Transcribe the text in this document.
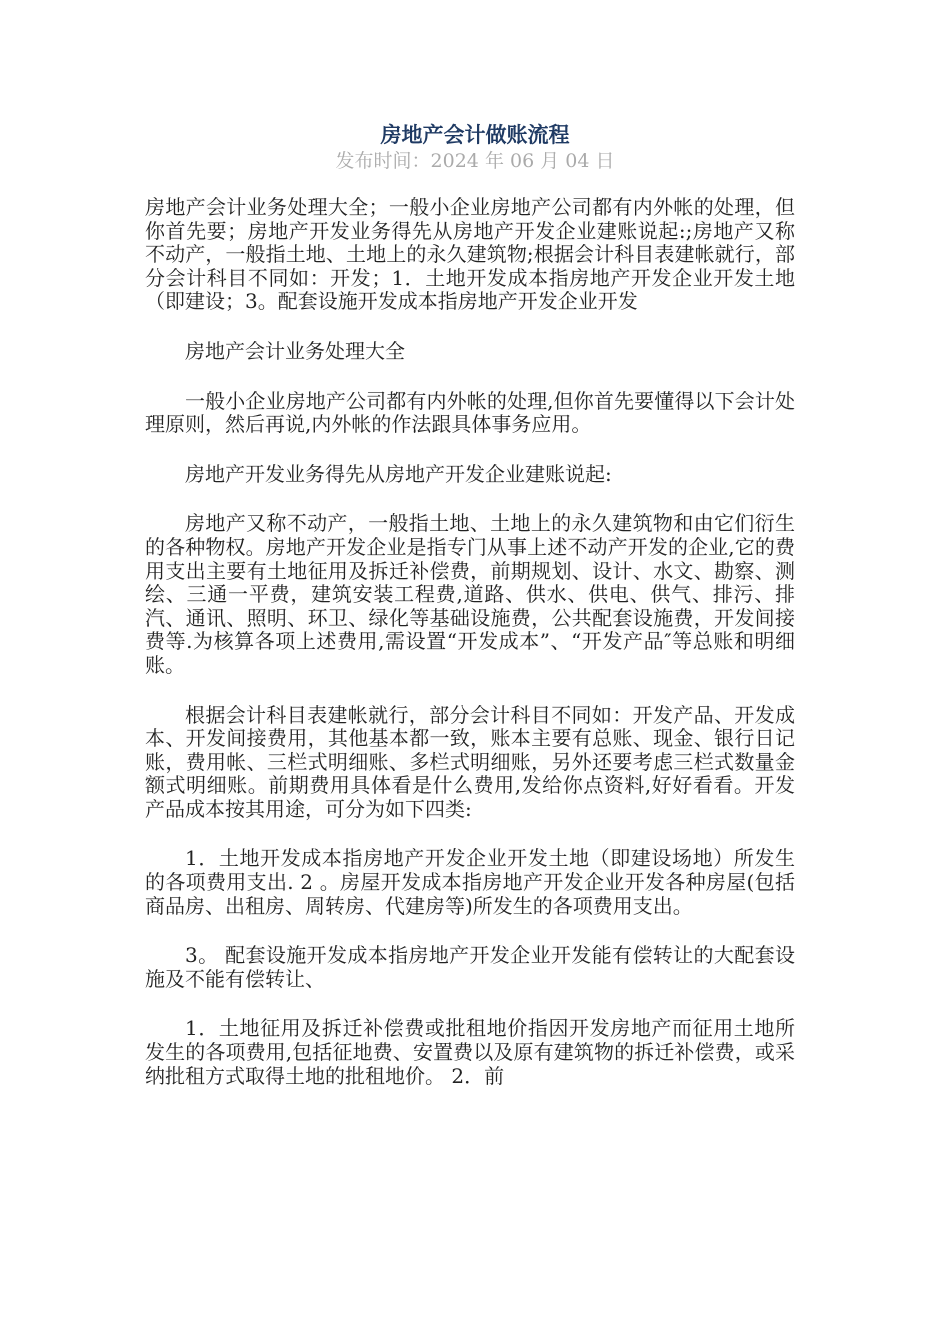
房地产会计做账流程
发布时间：2024 年 06 月 04 日

房地产会计业务处理大全；一般小企业房地产公司都有内外帐的处理，但你首先要；房地产开发业务得先从房地产开发企业建账说起:;房地产又称不动产，一般指土地、土地上的永久建筑物;根据会计科目表建帐就行，部分会计科目不同如：开发；1．土地开发成本指房地产开发企业开发土地（即建设；3。配套设施开发成本指房地产开发企业开发

房地产会计业务处理大全

一般小企业房地产公司都有内外帐的处理,但你首先要懂得以下会计处理原则，然后再说,内外帐的作法跟具体事务应用。

房地产开发业务得先从房地产开发企业建账说起:

房地产又称不动产，一般指土地、土地上的永久建筑物和由它们衍生的各种物权。房地产开发企业是指专门从事上述不动产开发的企业,它的费用支出主要有土地征用及拆迁补偿费，前期规划、设计、水文、勘察、测绘、三通一平费，建筑安装工程费,道路、供水、供电、供气、排污、排汽、通讯、照明、环卫、绿化等基础设施费，公共配套设施费，开发间接费等.为核算各项上述费用,需设置“开发成本”、“开发产品″等总账和明细账。

根据会计科目表建帐就行，部分会计科目不同如：开发产品、开发成本、开发间接费用，其他基本都一致，账本主要有总账、现金、银行日记账，费用帐、三栏式明细账、多栏式明细账，另外还要考虑三栏式数量金额式明细账。前期费用具体看是什么费用,发给你点资料,好好看看。开发产品成本按其用途，可分为如下四类:

1．土地开发成本指房地产开发企业开发土地（即建设场地）所发生的各项费用支出. 2 。房屋开发成本指房地产开发企业开发各种房屋(包括商品房、出租房、周转房、代建房等)所发生的各项费用支出。

3。 配套设施开发成本指房地产开发企业开发能有偿转让的大配套设施及不能有偿转让、

1．土地征用及拆迁补偿费或批租地价指因开发房地产而征用土地所发生的各项费用,包括征地费、安置费以及原有建筑物的拆迁补偿费，或采纳批租方式取得土地的批租地价。 2．前
